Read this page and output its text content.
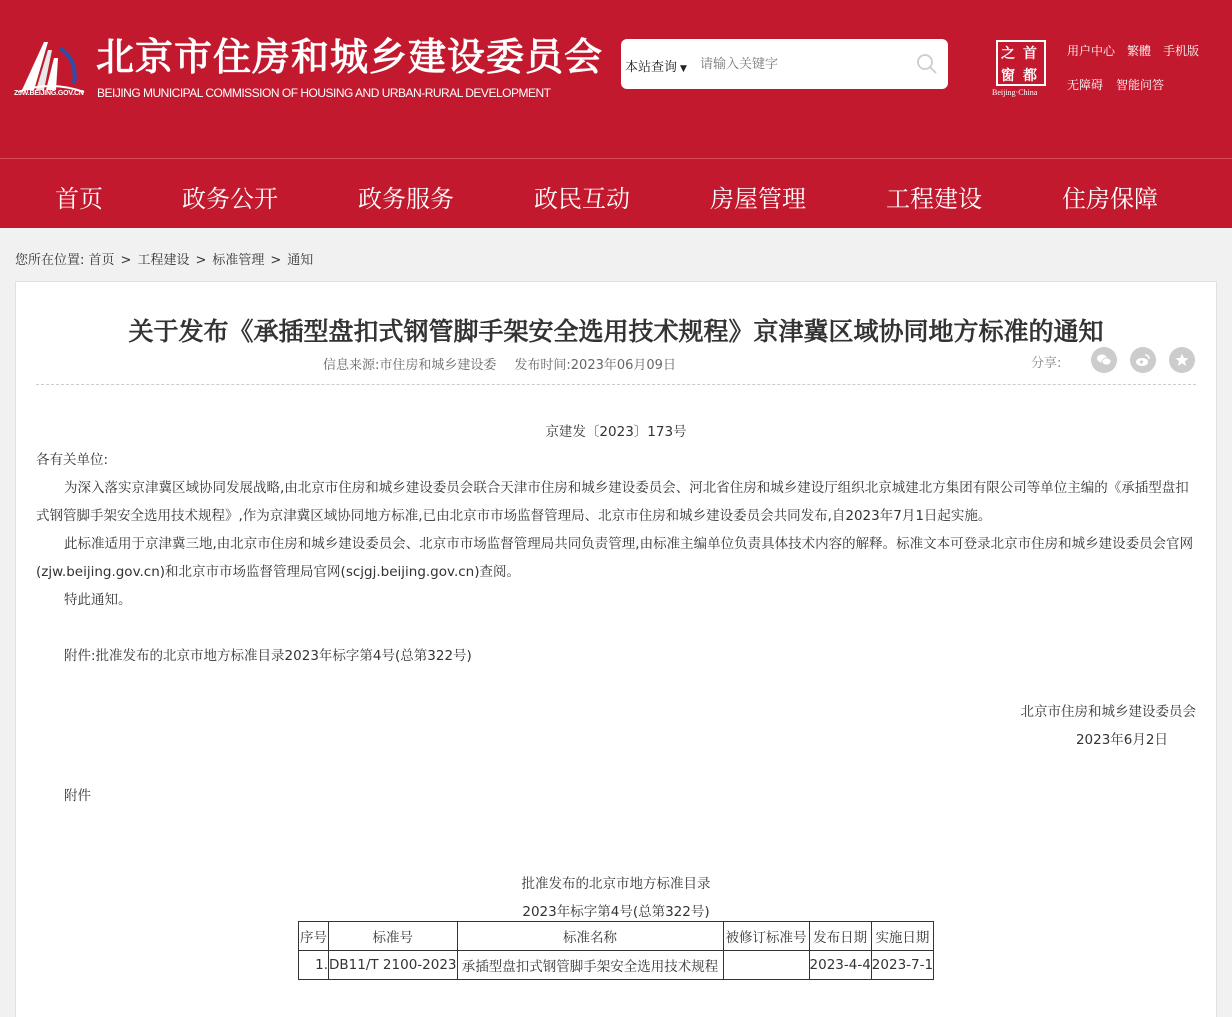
ZJW.BEIJING.GOV.CN
北京市住房和城乡建设委员会
BEIJING MUNICIPAL COMMISSION OF HOUSING AND URBAN-RURAL DEVELOPMENT
本站查询 ▼
请输入关键字
之 首
窗 都
Beijing·China
用户中心 繁體 手机版
无障碍 智能问答
首页	政务公开	政务服务	政民互动	房屋管理	工程建设	住房保障
您所在位置: 首页 > 工程建设 > 标准管理 > 通知
关于发布《承插型盘扣式钢管脚手架安全选用技术规程》京津冀区域协同地方标准的通知
信息来源:市住房和城乡建设委 发布时间:2023年06月09日	分享:
京建发〔2023〕173号
各有关单位:
为深入落实京津冀区域协同发展战略,由北京市住房和城乡建设委员会联合天津市住房和城乡建设委员会、河北省住房和城乡建设厅组织北京城建北方集团有限公司等单位主编的《承插型盘扣式钢管脚手架安全选用技术规程》,作为京津冀区域协同地方标准,已由北京市市场监督管理局、北京市住房和城乡建设委员会共同发布,自2023年7月1日起实施。
此标准适用于京津冀三地,由北京市住房和城乡建设委员会、北京市市场监督管理局共同负责管理,由标准主编单位负责具体技术内容的解释。标准文本可登录北京市住房和城乡建设委员会官网(zjw.beijing.gov.cn)和北京市市场监督管理局官网(scjgj.beijing.gov.cn)查阅。
特此通知。
附件:批准发布的北京市地方标准目录2023年标字第4号(总第322号)
北京市住房和城乡建设委员会
2023年6月2日
附件
批准发布的北京市地方标准目录
2023年标字第4号(总第322号)
序号	标准号	标准名称	被修订标准号	发布日期	实施日期
1.	DB11/T 2100-2023	承插型盘扣式钢管脚手架安全选用技术规程		2023-4-4	2023-7-1
